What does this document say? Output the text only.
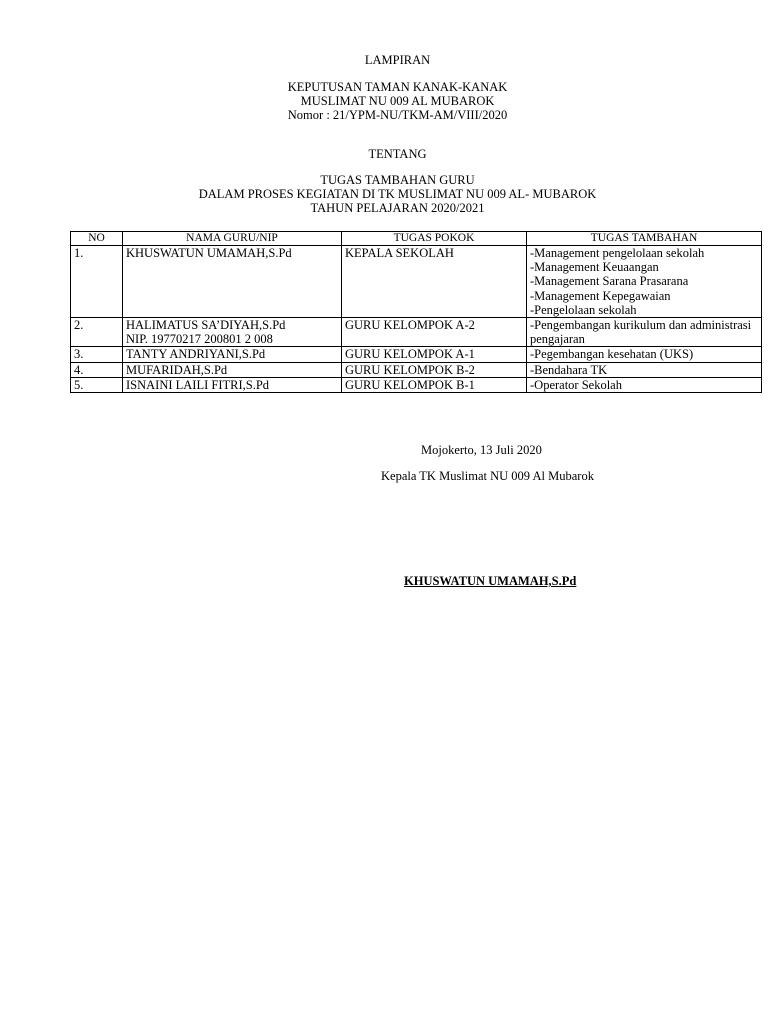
LAMPIRAN
KEPUTUSAN TAMAN KANAK-KANAK
MUSLIMAT NU 009 AL MUBAROK
Nomor : 21/YPM-NU/TKM-AM/VIII/2020
TENTANG
TUGAS TAMBAHAN GURU
DALAM PROSES KEGIATAN DI TK MUSLIMAT NU 009 AL- MUBAROK
TAHUN PELAJARAN 2020/2021
NO	NAMA GURU/NIP	TUGAS POKOK	TUGAS TAMBAHAN
1.	KHUSWATUN UMAMAH,S.Pd	KEPALA SEKOLAH	-Management pengelolaan sekolah
-Management Keuaangan
-Management Sarana Prasarana
-Management Kepegawaian
-Pengelolaan sekolah

2.	HALIMATUS SA’DIYAH,S.Pd
NIP. 19770217 200801 2 008	GURU KELOMPOK A-2	-Pengembangan kurikulum dan administrasi pengajaran

3.	TANTY ANDRIYANI,S.Pd	GURU KELOMPOK A-1	-Pegembangan kesehatan (UKS)

4.	MUFARIDAH,S.Pd	GURU KELOMPOK B-2	-Bendahara TK

5.	ISNAINI LAILI FITRI,S.Pd	GURU KELOMPOK B-1	-Operator Sekolah
Mojokerto, 13 Juli 2020
Kepala TK Muslimat NU 009 Al Mubarok
KHUSWATUN UMAMAH,S.Pd
